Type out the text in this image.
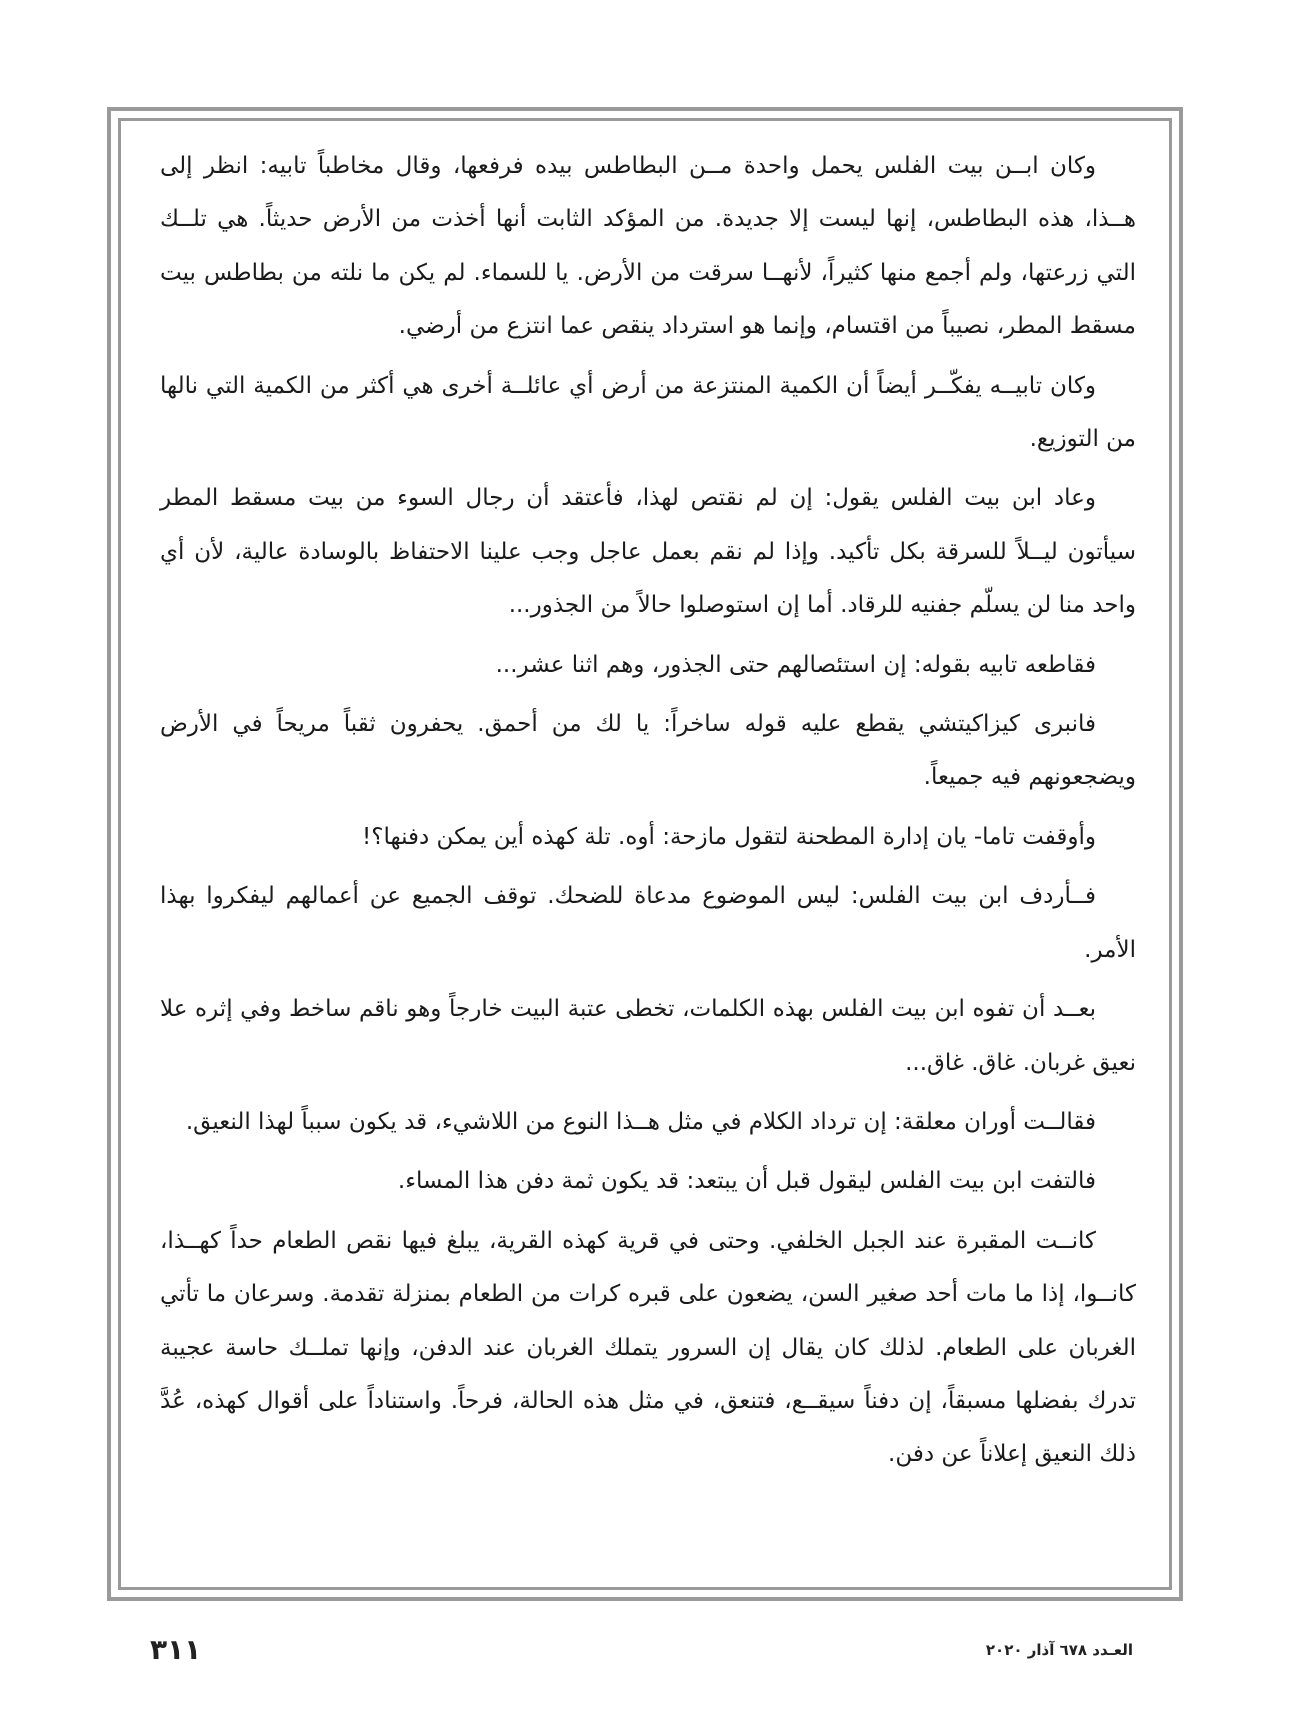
وكان ابــن بيت الفلس يحمل واحدة مــن البطاطس بيده فرفعها، وقال مخاطباً تابيه: انظر إلى هــذا، هذه البطاطس، إنها ليست إلا جديدة. من المؤكد الثابت أنها أخذت من الأرض حديثاً. هي تلــك التي زرعتها، ولم أجمع منها كثيراً، لأنهــا سرقت من الأرض. يا للسماء. لم يكن ما نلته من بطاطس بيت مسقط المطر، نصيباً من اقتسام، وإنما هو استرداد ينقص عما انتزع من أرضي.

وكان تابيــه يفكّــر أيضاً أن الكمية المنتزعة من أرض أي عائلــة أخرى هي أكثر من الكمية التي نالها من التوزيع.

وعاد ابن بيت الفلس يقول: إن لم نقتص لهذا، فأعتقد أن رجال السوء من بيت مسقط المطر سيأتون ليــلاً للسرقة بكل تأكيد. وإذا لم نقم بعمل عاجل وجب علينا الاحتفاظ بالوسادة عالية، لأن أي واحد منا لن يسلّم جفنيه للرقاد. أما إن استوصلوا حالاً من الجذور...

فقاطعه تابيه بقوله: إن استئصالهم حتى الجذور، وهم اثنا عشر...

فانبرى كيزاكيتشي يقطع عليه قوله ساخراً: يا لك من أحمق. يحفرون ثقباً مريحاً في الأرض ويضجعونهم فيه جميعاً.

وأوقفت تاما- يان إدارة المطحنة لتقول مازحة: أوه. تلة كهذه أين يمكن دفنها؟!

فــأردف ابن بيت الفلس: ليس الموضوع مدعاة للضحك. توقف الجميع عن أعمالهم ليفكروا بهذا الأمر.

بعــد أن تفوه ابن بيت الفلس بهذه الكلمات، تخطى عتبة البيت خارجاً وهو ناقم ساخط وفي إثره علا نعيق غربان. غاق. غاق...

فقالــت أوران معلقة: إن ترداد الكلام في مثل هــذا النوع من اللاشيء، قد يكون سبباً لهذا النعيق.

فالتفت ابن بيت الفلس ليقول قبل أن يبتعد: قد يكون ثمة دفن هذا المساء.

كانــت المقبرة عند الجبل الخلفي. وحتى في قرية كهذه القرية، يبلغ فيها نقص الطعام حداً كهــذا، كانــوا، إذا ما مات أحد صغير السن، يضعون على قبره كرات من الطعام بمنزلة تقدمة. وسرعان ما تأتي الغربان على الطعام. لذلك كان يقال إن السرور يتملك الغربان عند الدفن، وإنها تملــك حاسة عجيبة تدرك بفضلها مسبقاً، إن دفناً سيقــع، فتنعق، في مثل هذه الحالة، فرحاً. واستناداً على أقوال كهذه، عُدَّ ذلك النعيق إعلاناً عن دفن.

٣١١	العـدد ٦٧٨ آذار ٢٠٢٠
